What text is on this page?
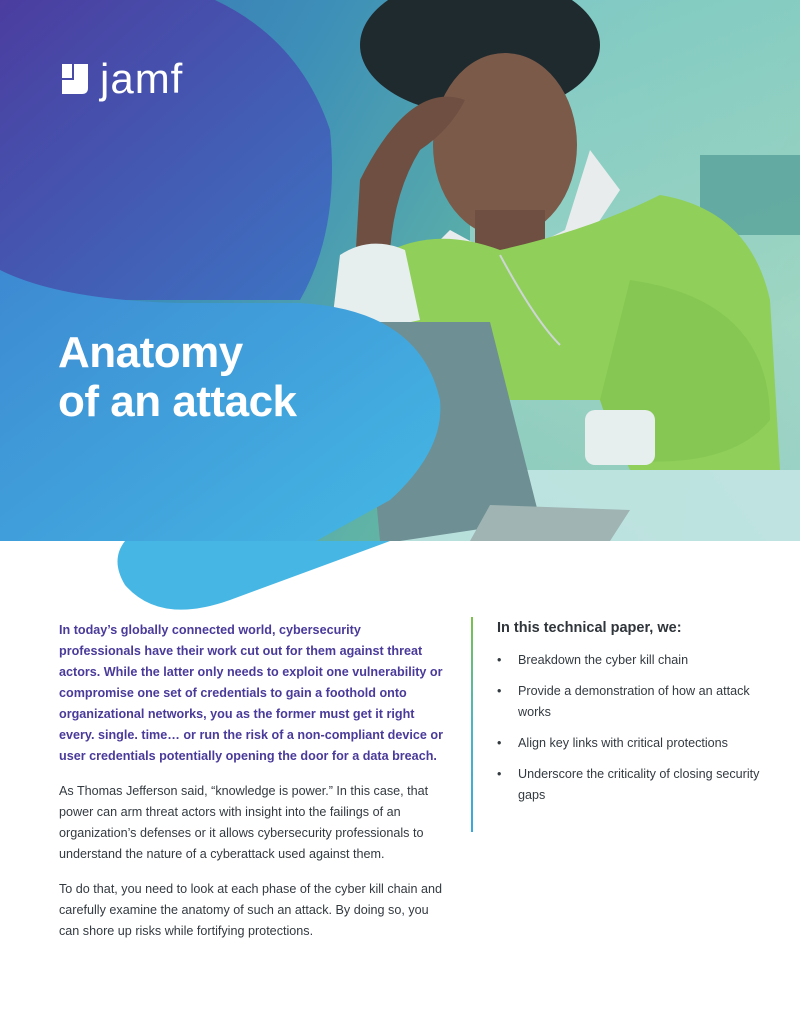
jamf
Anatomy
of an attack

In today’s globally connected world, cybersecurity professionals have their work cut out for them against threat actors. While the latter only needs to exploit one vulnerability or compromise one set of credentials to gain a foothold onto organizational networks, you as the former must get it right every. single. time… or run the risk of a non-compliant device or user credentials potentially opening the door for a data breach.

As Thomas Jefferson said, “knowledge is power.” In this case, that power can arm threat actors with insight into the failings of an organization’s defenses or it allows cybersecurity professionals to understand the nature of a cyberattack used against them.

To do that, you need to look at each phase of the cyber kill chain and carefully examine the anatomy of such an attack. By doing so, you can shore up risks while fortifying protections.

In this technical paper, we:
• Breakdown the cyber kill chain
• Provide a demonstration of how an attack works
• Align key links with critical protections
• Underscore the criticality of closing security gaps
